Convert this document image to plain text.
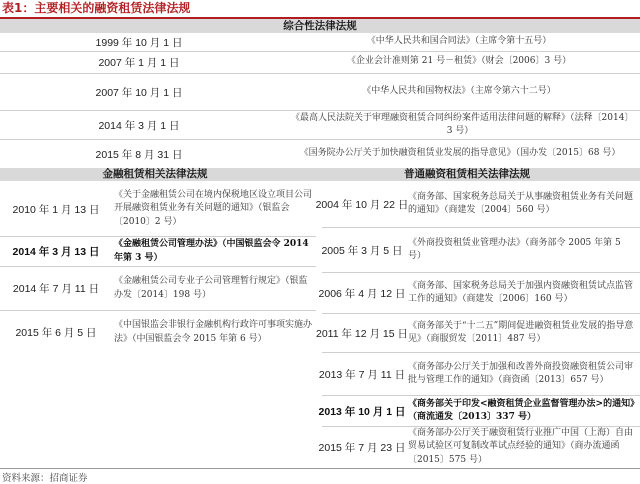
表1：主要相关的融资租赁法律法规
综合性法律法规
1999 年 10 月 1 日	《中华人民共和国合同法》（主席令第十五号）
2007 年 1 月 1 日	《企业会计准则第 21 号－租赁》（财会〔2006〕3 号）
2007 年 10 月 1 日	《中华人民共和国物权法》（主席令第六十二号）
2014 年 3 月 1 日
《最高人民法院关于审理融资租赁合同纠纷案件适用法律问题的解释》（法释〔2014〕3 号）
2015 年 8 月 31 日	《国务院办公厅关于加快融资租赁业发展的指导意见》（国办发〔2015〕68 号）
金融租赁相关法律法规	普通融资租赁相关法律法规
2010 年 1 月 13 日
《关于金融租赁公司在境内保税地区设立项目公司开展融资租赁业务有关问题的通知》（银监会〔2010〕2 号）
2014 年 3 月 13 日
《金融租赁公司管理办法》（中国银监会令 2014 年第 3 号）
2014 年 7 月 11 日
《金融租赁公司专业子公司管理暂行规定》（银监办发〔2014〕198 号）
2015 年 6 月 5 日
《中国银监会非银行金融机构行政许可事项实施办法》（中国银监会令 2015 年第 6 号）
2004 年 10 月 22 日
《商务部、国家税务总局关于从事融资租赁业务有关问题的通知》（商建发〔2004〕560 号）
2005 年 3 月 5 日
《外商投资租赁业管理办法》（商务部令 2005 年第 5 号）
2006 年 4 月 12 日
《商务部、国家税务总局关于加强内资融资租赁试点监管工作的通知》（商建发〔2006〕160 号）
2011 年 12 月 15 日
《商务部关于“十二五”期间促进融资租赁业发展的指导意见》（商服贸发〔2011〕487 号）
2013 年 7 月 11 日
《商务部办公厅关于加强和改善外商投资融资租赁公司审批与管理工作的通知》（商资函〔2013〕657 号）
2013 年 10 月 1 日
《商务部关于印发<融资租赁企业监督管理办法>的通知》（商流通发〔2013〕337 号）
2015 年 7 月 23 日
《商务部办公厅关于融资租赁行业推广中国（上海）自由贸易试验区可复制改革试点经验的通知》（商办流通函〔2015〕575 号）
资料来源：招商证券
